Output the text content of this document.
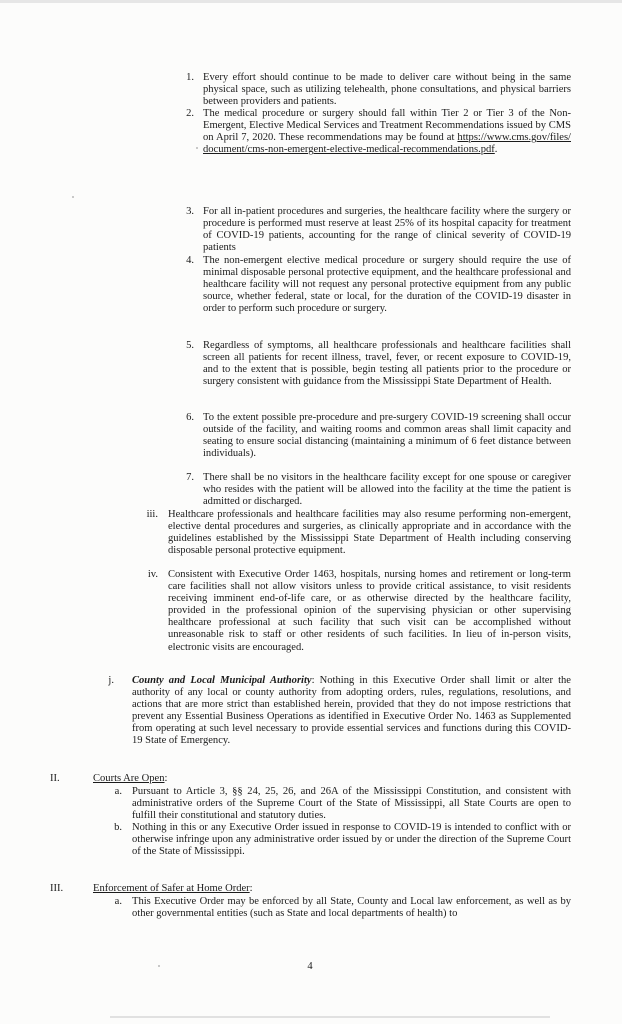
1. Every effort should continue to be made to deliver care without being in the same physical space, such as utilizing telehealth, phone consultations, and physical barriers between providers and patients.
2. The medical procedure or surgery should fall within Tier 2 or Tier 3 of the Non-Emergent, Elective Medical Services and Treatment Recommendations issued by CMS on April 7, 2020. These recommendations may be found at https://www.cms.gov/files/document/cms-non-emergent-elective-medical-recommendations.pdf.
3. For all in-patient procedures and surgeries, the healthcare facility where the surgery or procedure is performed must reserve at least 25% of its hospital capacity for treatment of COVID-19 patients, accounting for the range of clinical severity of COVID-19 patients
4. The non-emergent elective medical procedure or surgery should require the use of minimal disposable personal protective equipment, and the healthcare professional and healthcare facility will not request any personal protective equipment from any public source, whether federal, state or local, for the duration of the COVID-19 disaster in order to perform such procedure or surgery.
5. Regardless of symptoms, all healthcare professionals and healthcare facilities shall screen all patients for recent illness, travel, fever, or recent exposure to COVID-19, and to the extent that is possible, begin testing all patients prior to the procedure or surgery consistent with guidance from the Mississippi State Department of Health.
6. To the extent possible pre-procedure and pre-surgery COVID-19 screening shall occur outside of the facility, and waiting rooms and common areas shall limit capacity and seating to ensure social distancing (maintaining a minimum of 6 feet distance between individuals).
7. There shall be no visitors in the healthcare facility except for one spouse or caregiver who resides with the patient will be allowed into the facility at the time the patient is admitted or discharged.
iii. Healthcare professionals and healthcare facilities may also resume performing non-emergent, elective dental procedures and surgeries, as clinically appropriate and in accordance with the guidelines established by the Mississippi State Department of Health including conserving disposable personal protective equipment.
iv. Consistent with Executive Order 1463, hospitals, nursing homes and retirement or long-term care facilities shall not allow visitors unless to provide critical assistance, to visit residents receiving imminent end-of-life care, or as otherwise directed by the healthcare facility, provided in the professional opinion of the supervising physician or other supervising healthcare professional at such facility that such visit can be accomplished without unreasonable risk to staff or other residents of such facilities. In lieu of in-person visits, electronic visits are encouraged.
j. County and Local Municipal Authority: Nothing in this Executive Order shall limit or alter the authority of any local or county authority from adopting orders, rules, regulations, resolutions, and actions that are more strict than established herein, provided that they do not impose restrictions that prevent any Essential Business Operations as identified in Executive Order No. 1463 as Supplemented from operating at such level necessary to provide essential services and functions during this COVID-19 State of Emergency.
II.	Courts Are Open:
a. Pursuant to Article 3, §§ 24, 25, 26, and 26A of the Mississippi Constitution, and consistent with administrative orders of the Supreme Court of the State of Mississippi, all State Courts are open to fulfill their constitutional and statutory duties.
b. Nothing in this or any Executive Order issued in response to COVID-19 is intended to conflict with or otherwise infringe upon any administrative order issued by or under the direction of the Supreme Court of the State of Mississippi.
III.	Enforcement of Safer at Home Order:
a. This Executive Order may be enforced by all State, County and Local law enforcement, as well as by other governmental entities (such as State and local departments of health) to
4
